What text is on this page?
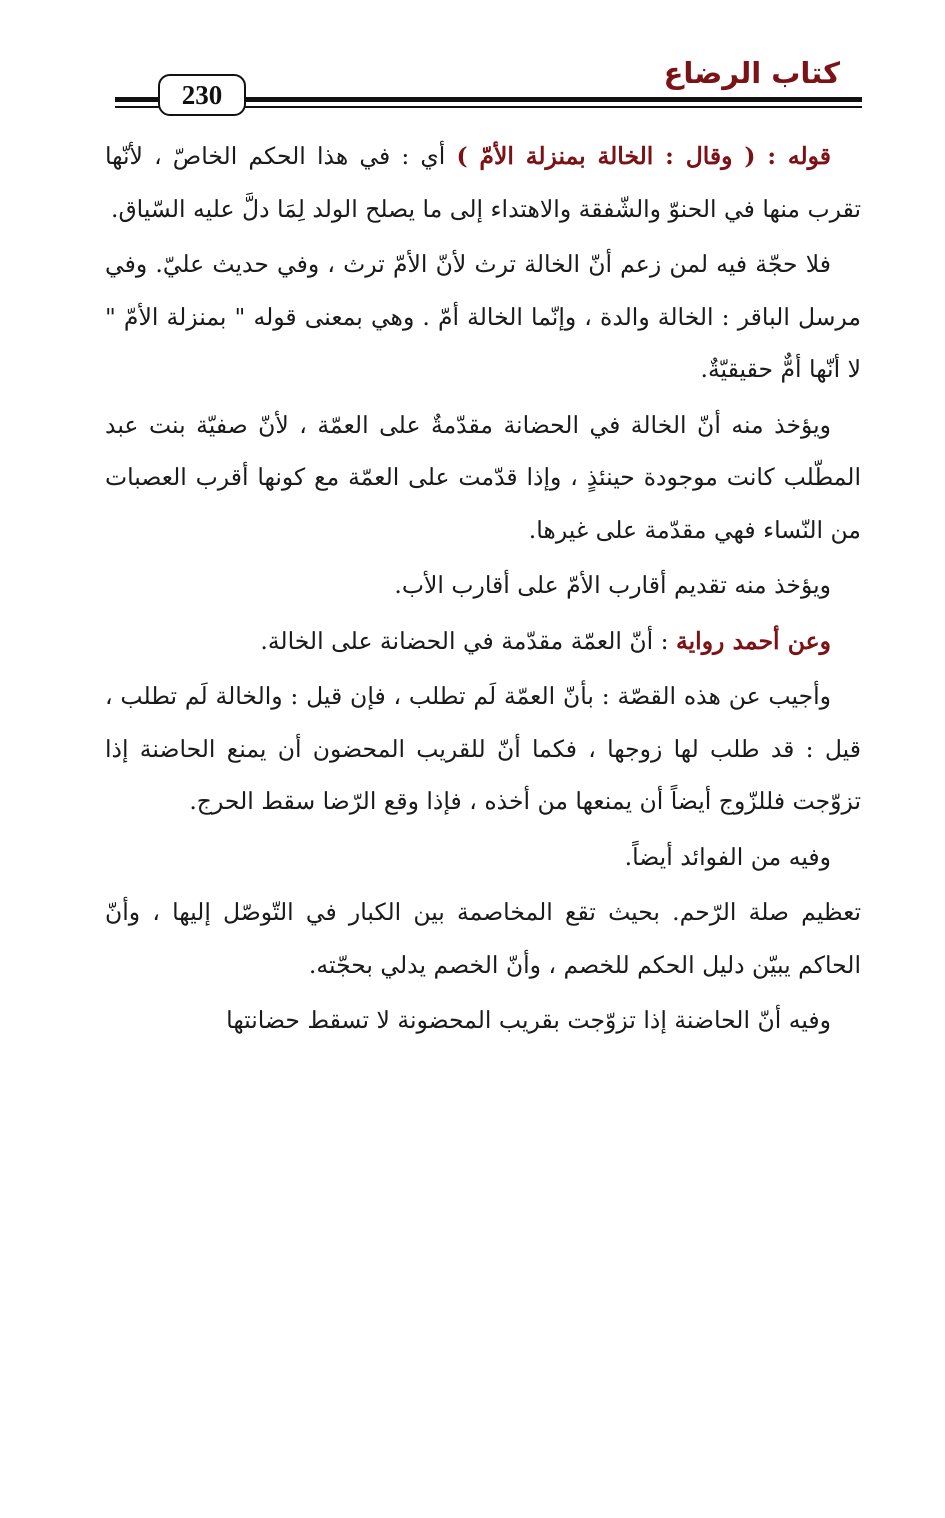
230
كتاب الرضاع

قوله : ( وقال : الخالة بمنزلة الأمّ ) أي : في هذا الحكم الخاصّ ، لأنّها تقرب منها في الحنوّ والشّفقة والاهتداء إلى ما يصلح الولد لِمَا دلَّ عليه السّياق.

فلا حجّة فيه لمن زعم أنّ الخالة ترث لأنّ الأمّ ترث ، وفي حديث عليّ. وفي مرسل الباقر : الخالة والدة ، وإنّما الخالة أمّ . وهي بمعنى قوله " بمنزلة الأمّ " لا أنّها أمٌّ حقيقيّةٌ.

ويؤخذ منه أنّ الخالة في الحضانة مقدّمةٌ على العمّة ، لأنّ صفيّة بنت عبد المطّلب كانت موجودة حينئذٍ ، وإذا قدّمت على العمّة مع كونها أقرب العصبات من النّساء فهي مقدّمة على غيرها.

ويؤخذ منه تقديم أقارب الأمّ على أقارب الأب.

وعن أحمد رواية : أنّ العمّة مقدّمة في الحضانة على الخالة.

وأجيب عن هذه القصّة : بأنّ العمّة لَم تطلب ، فإن قيل : والخالة لَم تطلب ، قيل : قد طلب لها زوجها ، فكما أنّ للقريب المحضون أن يمنع الحاضنة إذا تزوّجت فللزّوج أيضاً أن يمنعها من أخذه ، فإذا وقع الرّضا سقط الحرج.

وفيه من الفوائد أيضاً.

تعظيم صلة الرّحم. بحيث تقع المخاصمة بين الكبار في التّوصّل إليها ، وأنّ الحاكم يبيّن دليل الحكم للخصم ، وأنّ الخصم يدلي بحجّته.

وفيه أنّ الحاضنة إذا تزوّجت بقريب المحضونة لا تسقط حضانتها
